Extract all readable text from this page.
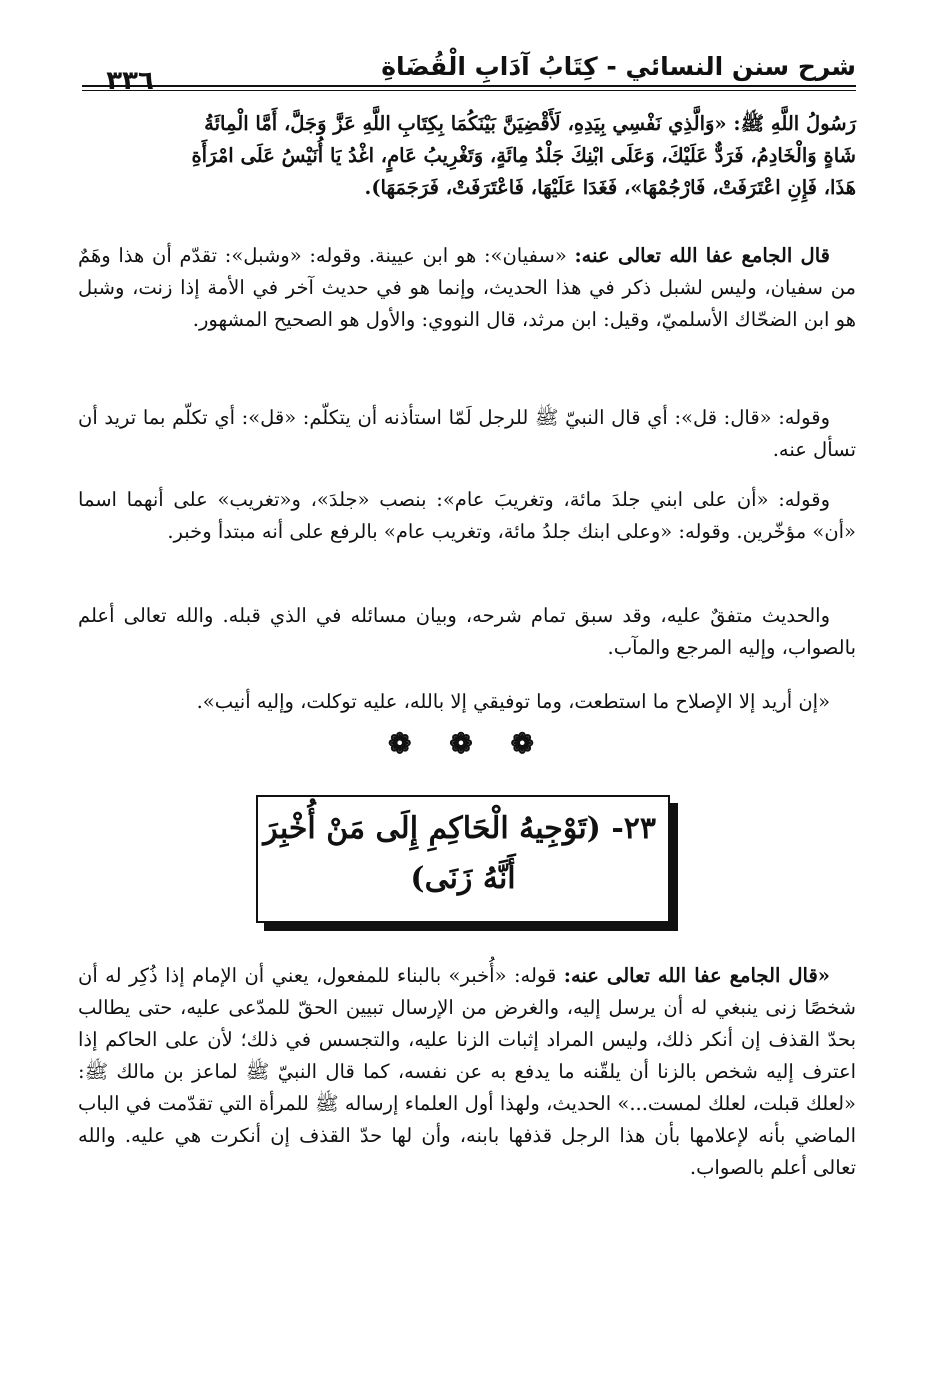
شرح سنن النسائي - كِتَابُ آدَابِ الْقُضَاةِ
٣٣٦

رَسُولُ اللَّهِ ﷺ: «وَالَّذِي نَفْسِي بِيَدِهِ، لَأَقْضِيَنَّ بَيْنَكُمَا بِكِتَابِ اللَّهِ عَزَّ وَجَلَّ، أَمَّا الْمِائَةُ

شَاةٍ وَالْخَادِمُ، فَرَدٌّ عَلَيْكَ، وَعَلَى ابْنِكَ جَلْدُ مِائَةٍ، وَتَغْرِيبُ عَامٍ، اغْدُ يَا أُنَيْسُ عَلَى امْرَأَةِ

هَذَا، فَإِنِ اعْتَرَفَتْ، فَارْجُمْهَا»، فَغَدَا عَلَيْهَا، فَاعْتَرَفَتْ، فَرَجَمَهَا).

قال الجامع عفا الله تعالى عنه: «سفيان»: هو ابن عيينة. وقوله: «وشبل»: تقدّم أن هذا وهَمٌ من سفيان، وليس لشبل ذكر في هذا الحديث، وإنما هو في حديث آخر في الأمة إذا زنت، وشبل هو ابن الضحّاك الأسلميّ، وقيل: ابن مرثد، قال النووي: والأول هو الصحيح المشهور.

وقوله: «قال: قل»: أي قال النبيّ ﷺ للرجل لَمّا استأذنه أن يتكلّم: «قل»: أي تكلّم بما تريد أن تسأل عنه.

وقوله: «أن على ابني جلدَ مائة، وتغريبَ عام»: بنصب «جلدَ»، و«تغريب» على أنهما اسما «أن» مؤخّرين. وقوله: «وعلى ابنك جلدُ مائة، وتغريب عام» بالرفع على أنه مبتدأ وخبر.

والحديث متفقٌ عليه، وقد سبق تمام شرحه، وبيان مسائله في الذي قبله. والله تعالى أعلم بالصواب، وإليه المرجع والمآب.

«إن أريد إلا الإصلاح ما استطعت، وما توفيقي إلا بالله، عليه توكلت، وإليه أنيب».

❁ ❁ ❁
٢٣- (تَوْجِيهُ الْحَاكِمِ إِلَى مَنْ أُخْبِرَ
أَنَّهُ زَنَى)

«قال الجامع عفا الله تعالى عنه: قوله: «أُخبر» بالبناء للمفعول، يعني أن الإمام إذا ذُكِر له أن شخصًا زنى ينبغي له أن يرسل إليه، والغرض من الإرسال تبيين الحقّ للمدّعى عليه، حتى يطالب بحدّ القذف إن أنكر ذلك، وليس المراد إثبات الزنا عليه، والتجسس في ذلك؛ لأن على الحاكم إذا اعترف إليه شخص بالزنا أن يلقّنه ما يدفع به عن نفسه، كما قال النبيّ ﷺ لماعز بن مالك ﷺ: «لعلك قبلت، لعلك لمست...» الحديث، ولهذا أول العلماء إرساله ﷺ للمرأة التي تقدّمت في الباب الماضي بأنه لإعلامها بأن هذا الرجل قذفها بابنه، وأن لها حدّ القذف إن أنكرت هي عليه. والله تعالى أعلم بالصواب.
